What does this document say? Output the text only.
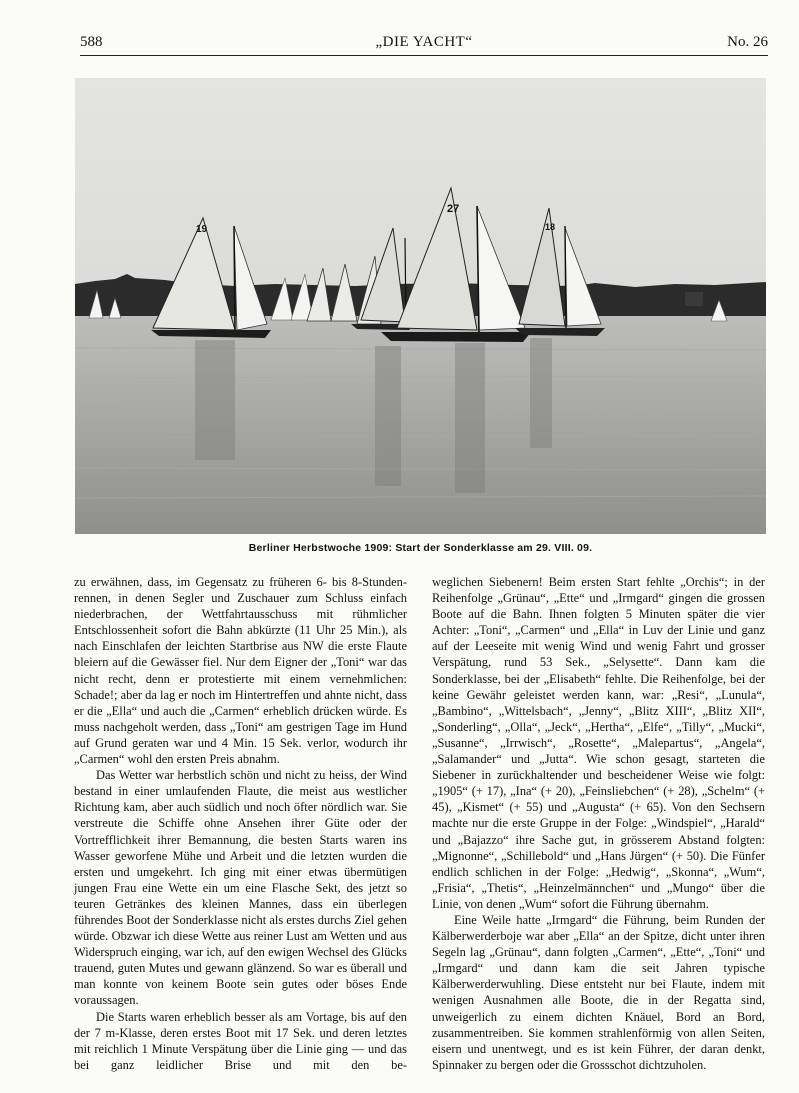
588	„DIE YACHT“	No. 26
19
27
18
Berliner Herbstwoche 1909: Start der Sonderklasse am 29. VIII. 09.

zu erwähnen, dass, im Gegensatz zu früheren 6- bis 8-Stunden-rennen, in denen Segler und Zuschauer zum Schluss einfach niederbrachen, der Wettfahrtausschuss mit rühmlicher Entschlossenheit sofort die Bahn abkürzte (11 Uhr 25 Min.), als nach Einschlafen der leichten Startbrise aus NW die erste Flaute bleiern auf die Gewässer fiel. Nur dem Eigner der „Toni“ war das nicht recht, denn er protestierte mit einem vernehmlichen: Schade!; aber da lag er noch im Hintertreffen und ahnte nicht, dass er die „Ella“ und auch die „Carmen“ erheblich drücken würde. Es muss nachgeholt werden, dass „Toni“ am gestrigen Tage im Hund auf Grund geraten war und 4 Min. 15 Sek. verlor, wodurch ihr „Carmen“ wohl den ersten Preis abnahm.

Das Wetter war herbstlich schön und nicht zu heiss, der Wind bestand in einer umlaufenden Flaute, die meist aus westlicher Richtung kam, aber auch südlich und noch öfter nördlich war. Sie verstreute die Schiffe ohne Ansehen ihrer Güte oder der Vortrefflichkeit ihrer Bemannung, die besten Starts waren ins Wasser geworfene Mühe und Arbeit und die letzten wurden die ersten und umgekehrt. Ich ging mit einer etwas übermütigen jungen Frau eine Wette ein um eine Flasche Sekt, des jetzt so teuren Getränkes des kleinen Mannes, dass ein überlegen führendes Boot der Sonderklasse nicht als erstes durchs Ziel gehen würde. Obzwar ich diese Wette aus reiner Lust am Wetten und aus Widerspruch einging, war ich, auf den ewigen Wechsel des Glücks trauend, guten Mutes und gewann glänzend. So war es überall und man konnte von keinem Boote sein gutes oder böses Ende voraussagen.

Die Starts waren erheblich besser als am Vortage, bis auf den der 7 m-Klasse, deren erstes Boot mit 17 Sek. und deren letztes mit reichlich 1 Minute Verspätung über die Linie ging — und das bei ganz leidlicher Brise und mit den be-

weglichen Siebenern! Beim ersten Start fehlte „Orchis“; in der Reihenfolge „Grünau“, „Ette“ und „Irmgard“ gingen die grossen Boote auf die Bahn. Ihnen folgten 5 Minuten später die vier Achter: „Toni“, „Carmen“ und „Ella“ in Luv der Linie und ganz auf der Leeseite mit wenig Wind und wenig Fahrt und grosser Verspätung, rund 53 Sek., „Selysette“. Dann kam die Sonderklasse, bei der „Elisabeth“ fehlte. Die Reihenfolge, bei der keine Gewähr geleistet werden kann, war: „Resi“, „Lunula“, „Bambino“, „Wittelsbach“, „Jenny“, „Blitz XIII“, „Blitz XII“, „Sonderling“, „Olla“, „Jeck“, „Hertha“, „Elfe“, „Tilly“, „Mucki“, „Susanne“, „Irrwisch“, „Rosette“, „Malepartus“, „Angela“, „Salamander“ und „Jutta“. Wie schon gesagt, starteten die Siebener in zurückhaltender und bescheidener Weise wie folgt: „1905“ (+ 17), „Ina“ (+ 20), „Feinsliebchen“ (+ 28), „Schelm“ (+ 45), „Kismet“ (+ 55) und „Augusta“ (+ 65). Von den Sechsern machte nur die erste Gruppe in der Folge: „Windspiel“, „Harald“ und „Bajazzo“ ihre Sache gut, in grösserem Abstand folgten: „Mignonne“, „Schillebold“ und „Hans Jürgen“ (+ 50). Die Fünfer endlich schlichen in der Folge: „Hedwig“, „Skonna“, „Wum“, „Frisia“, „Thetis“, „Heinzelmännchen“ und „Mungo“ über die Linie, von denen „Wum“ sofort die Führung übernahm.

Eine Weile hatte „Irmgard“ die Führung, beim Runden der Kälberwerderboje war aber „Ella“ an der Spitze, dicht unter ihren Segeln lag „Grünau“, dann folgten „Carmen“, „Ette“, „Toni“ und „Irmgard“ und dann kam die seit Jahren typische Kälberwerderwuhling. Diese entsteht nur bei Flaute, indem mit wenigen Ausnahmen alle Boote, die in der Regatta sind, unweigerlich zu einem dichten Knäuel, Bord an Bord, zusammentreiben. Sie kommen strahlenförmig von allen Seiten, eisern und unentwegt, und es ist kein Führer, der daran denkt, Spinnaker zu bergen oder die Grossschot dichtzuholen.
